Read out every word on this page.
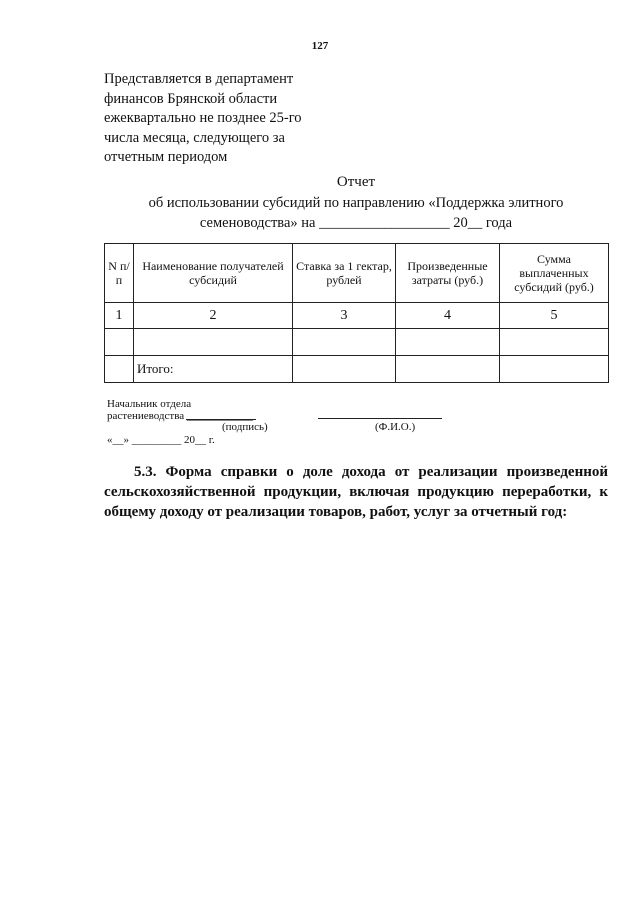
127
Представляется в департамент
финансов Брянской области
ежеквартально не позднее 25-го
числа месяца, следующего за
отчетным периодом
Отчет
об использовании субсидий по направлению «Поддержка элитного
семеноводства» на __________________ 20__ года
N п/п	Наименование получателей субсидий	Ставка за 1 гектар, рублей	Произведенные затраты (руб.)	Сумма выплаченных субсидий (руб.)
1	2	3	4	5

	Итого:			
Начальник отдела
растениеводства ____________
(подпись)	(Ф.И.О.)
«__» _________ 20__ г.
5.3. Форма справки о доле дохода от реализации произведенной
сельскохозяйственной продукции, включая продукцию переработки, к
общему доходу от реализации товаров, работ, услуг за отчетный год:
